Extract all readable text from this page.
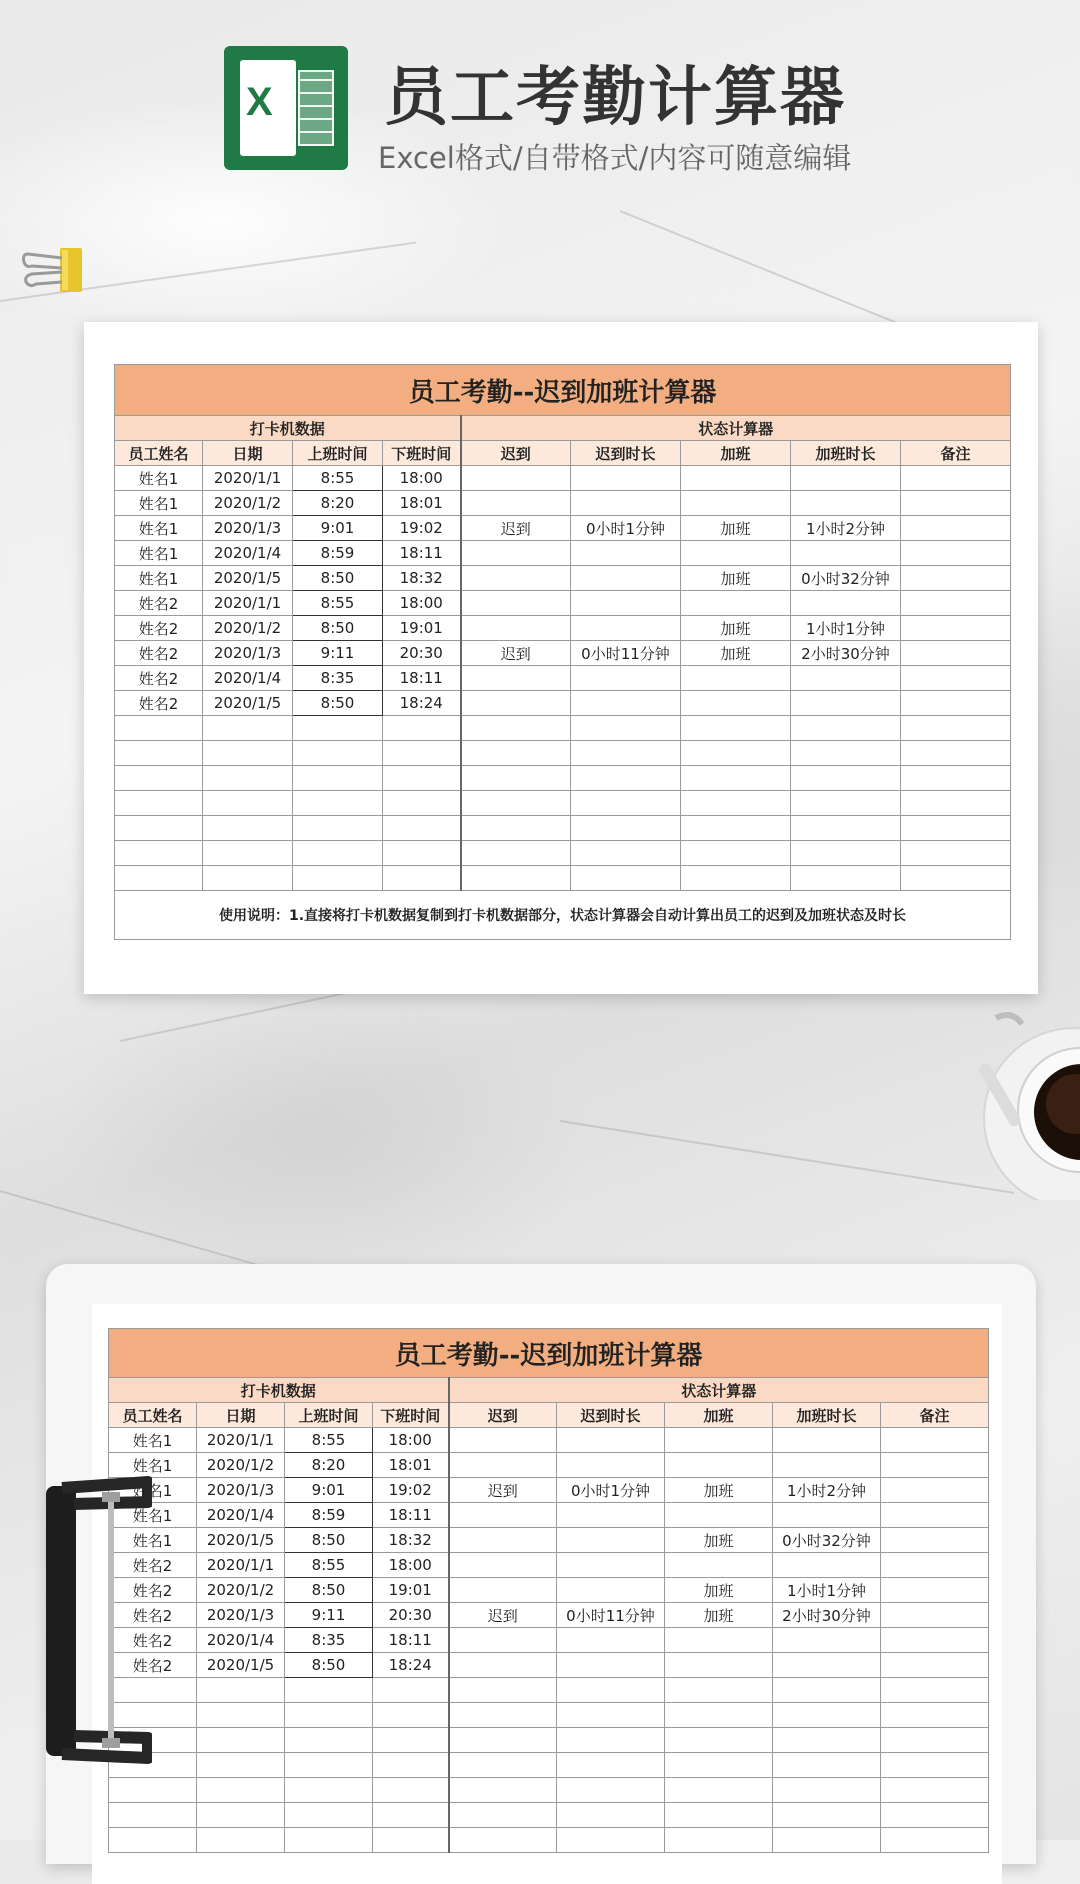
X 员工考勤计算器
Excel格式/自带格式/内容可随意编辑
员工考勤--迟到加班计算器								
打卡机数据				状态计算器				
员工姓名	日期	上班时间	下班时间	迟到	迟到时长	加班	加班时长	备注
姓名1	2020/1/1	8:55	18:00					
姓名1	2020/1/2	8:20	18:01					
姓名1	2020/1/3	9:01	19:02	迟到	0小时1分钟	加班	1小时2分钟	
姓名1	2020/1/4	8:59	18:11					
姓名1	2020/1/5	8:50	18:32			加班	0小时32分钟	
姓名2	2020/1/1	8:55	18:00					
姓名2	2020/1/2	8:50	19:01			加班	1小时1分钟	
姓名2	2020/1/3	9:11	20:30	迟到	0小时11分钟	加班	2小时30分钟	
姓名2	2020/1/4	8:35	18:11					
姓名2	2020/1/5	8:50	18:24					

使用说明：1.直接将打卡机数据复制到打卡机数据部分，状态计算器会自动计算出员工的迟到及加班状态及时长								
员工考勤--迟到加班计算器								
打卡机数据				状态计算器				
员工姓名	日期	上班时间	下班时间	迟到	迟到时长	加班	加班时长	备注
姓名1	2020/1/1	8:55	18:00					
姓名1	2020/1/2	8:20	18:01					
姓名1	2020/1/3	9:01	19:02	迟到	0小时1分钟	加班	1小时2分钟	
姓名1	2020/1/4	8:59	18:11					
姓名1	2020/1/5	8:50	18:32			加班	0小时32分钟	
姓名2	2020/1/1	8:55	18:00					
姓名2	2020/1/2	8:50	19:01			加班	1小时1分钟	
姓名2	2020/1/3	9:11	20:30	迟到	0小时11分钟	加班	2小时30分钟	
姓名2	2020/1/4	8:35	18:11					
姓名2	2020/1/5	8:50	18:24					
